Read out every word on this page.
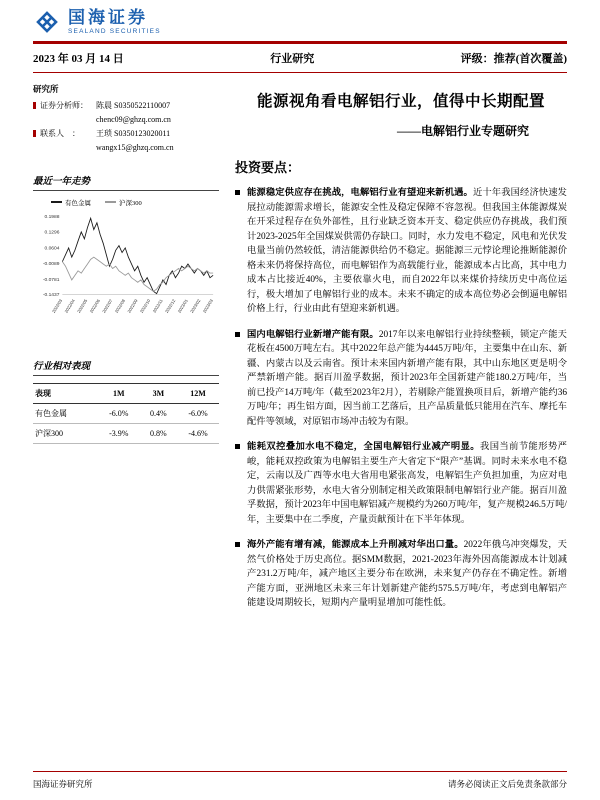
国海证券
SEALAND SECURITIES
2023 年 03 月 14 日	行业研究	评级：推荐(首次覆盖)
研究所
证券分析师：	陈晨 S0350522110007
chenc09@ghzq.com.cn
联系人　：	王琐 S0350123020011
wangx15@ghzq.com.cn
最近一年走势
有色金属	沪深300
0.1988
0.1296
0.0604
-0.0089
-0.0781
-0.1437
2022/03 2022/04 2022/05 2022/06 2022/07 2022/08 2022/09 2022/10 2022/11 2022/12 2023/01 2023/02 2023/03
行业相对表现
表现	1M	3M	12M
有色金属	-6.0%	0.4%	-6.0%
沪深300	-3.9%	0.8%	-4.6%
能源视角看电解铝行业，值得中长期配置
——电解铝行业专题研究
投资要点：

能源稳定供应存在挑战，电解铝行业有望迎来新机遇。近十年我国经济快速发展拉动能源需求增长，能源安全性及稳定保障不容忽视。但我国主体能源煤炭在开采过程存在负外部性，且行业缺乏资本开支、稳定供应仍存挑战，我们预计2023-2025年全国煤炭供需仍存缺口。同时，水力发电不稳定，风电和光伏发电量当前仍然较低，清洁能源供给仍不稳定。据能源三元悖论理论推断能源价格未来仍将保持高位，而电解铝作为高载能行业，能源成本占比高，其中电力成本占比接近40%，主要依靠火电，而自2022年以来煤价持续历史中高位运行，极大增加了电解铝行业的成本。未来不确定的成本高位势必会倒逼电解铝价格上行，行业由此有望迎来新机遇。

国内电解铝行业新增产能有限。2017年以来电解铝行业持续整顿，锁定产能天花板在4500万吨左右。其中2022年总产能为4445万吨/年，主要集中在山东、新疆、内蒙古以及云南省。预计未来国内新增产能有限，其中山东地区更是明令严禁新增产能。据百川盈孚数据，预计2023年全国新建产能180.2万吨/年，当前已投产14万吨/年（截至2023年2月），若剔除产能置换项目后，新增产能约36万吨/年；再生铝方面，因当前工艺落后，且产品质量低只能用在汽车、摩托车配件等领域，对原铝市场冲击较为有限。

能耗双控叠加水电不稳定，全国电解铝行业减产明显。我国当前节能形势严峻，能耗双控政策为电解铝主要生产大省定下“限产”基调。同时未来水电不稳定，云南以及广西等水电大省用电紧张高发，电解铝生产负担加重，为应对电力供需紧张形势，水电大省分别制定相关政策限制电解铝行业产能。据百川盈孚数据，预计2023年中国电解铝减产规模约为260万吨/年，复产规模246.5万吨/年，主要集中在二季度，产量贡献预计在下半年体现。

海外产能有增有减，能源成本上升削减对华出口量。2022年俄乌冲突爆发，天然气价格处于历史高位。据SMM数据，2021-2023年海外因高能源成本计划减产231.2万吨/年，减产地区主要分布在欧洲，未来复产仍存在不确定性。新增产能方面，亚洲地区未来三年计划新建产能约575.5万吨/年，考虑到电解铝产能建设周期较长，短期内产量明显增加可能性低。

国海证券研究所	请务必阅读正文后免责条款部分
